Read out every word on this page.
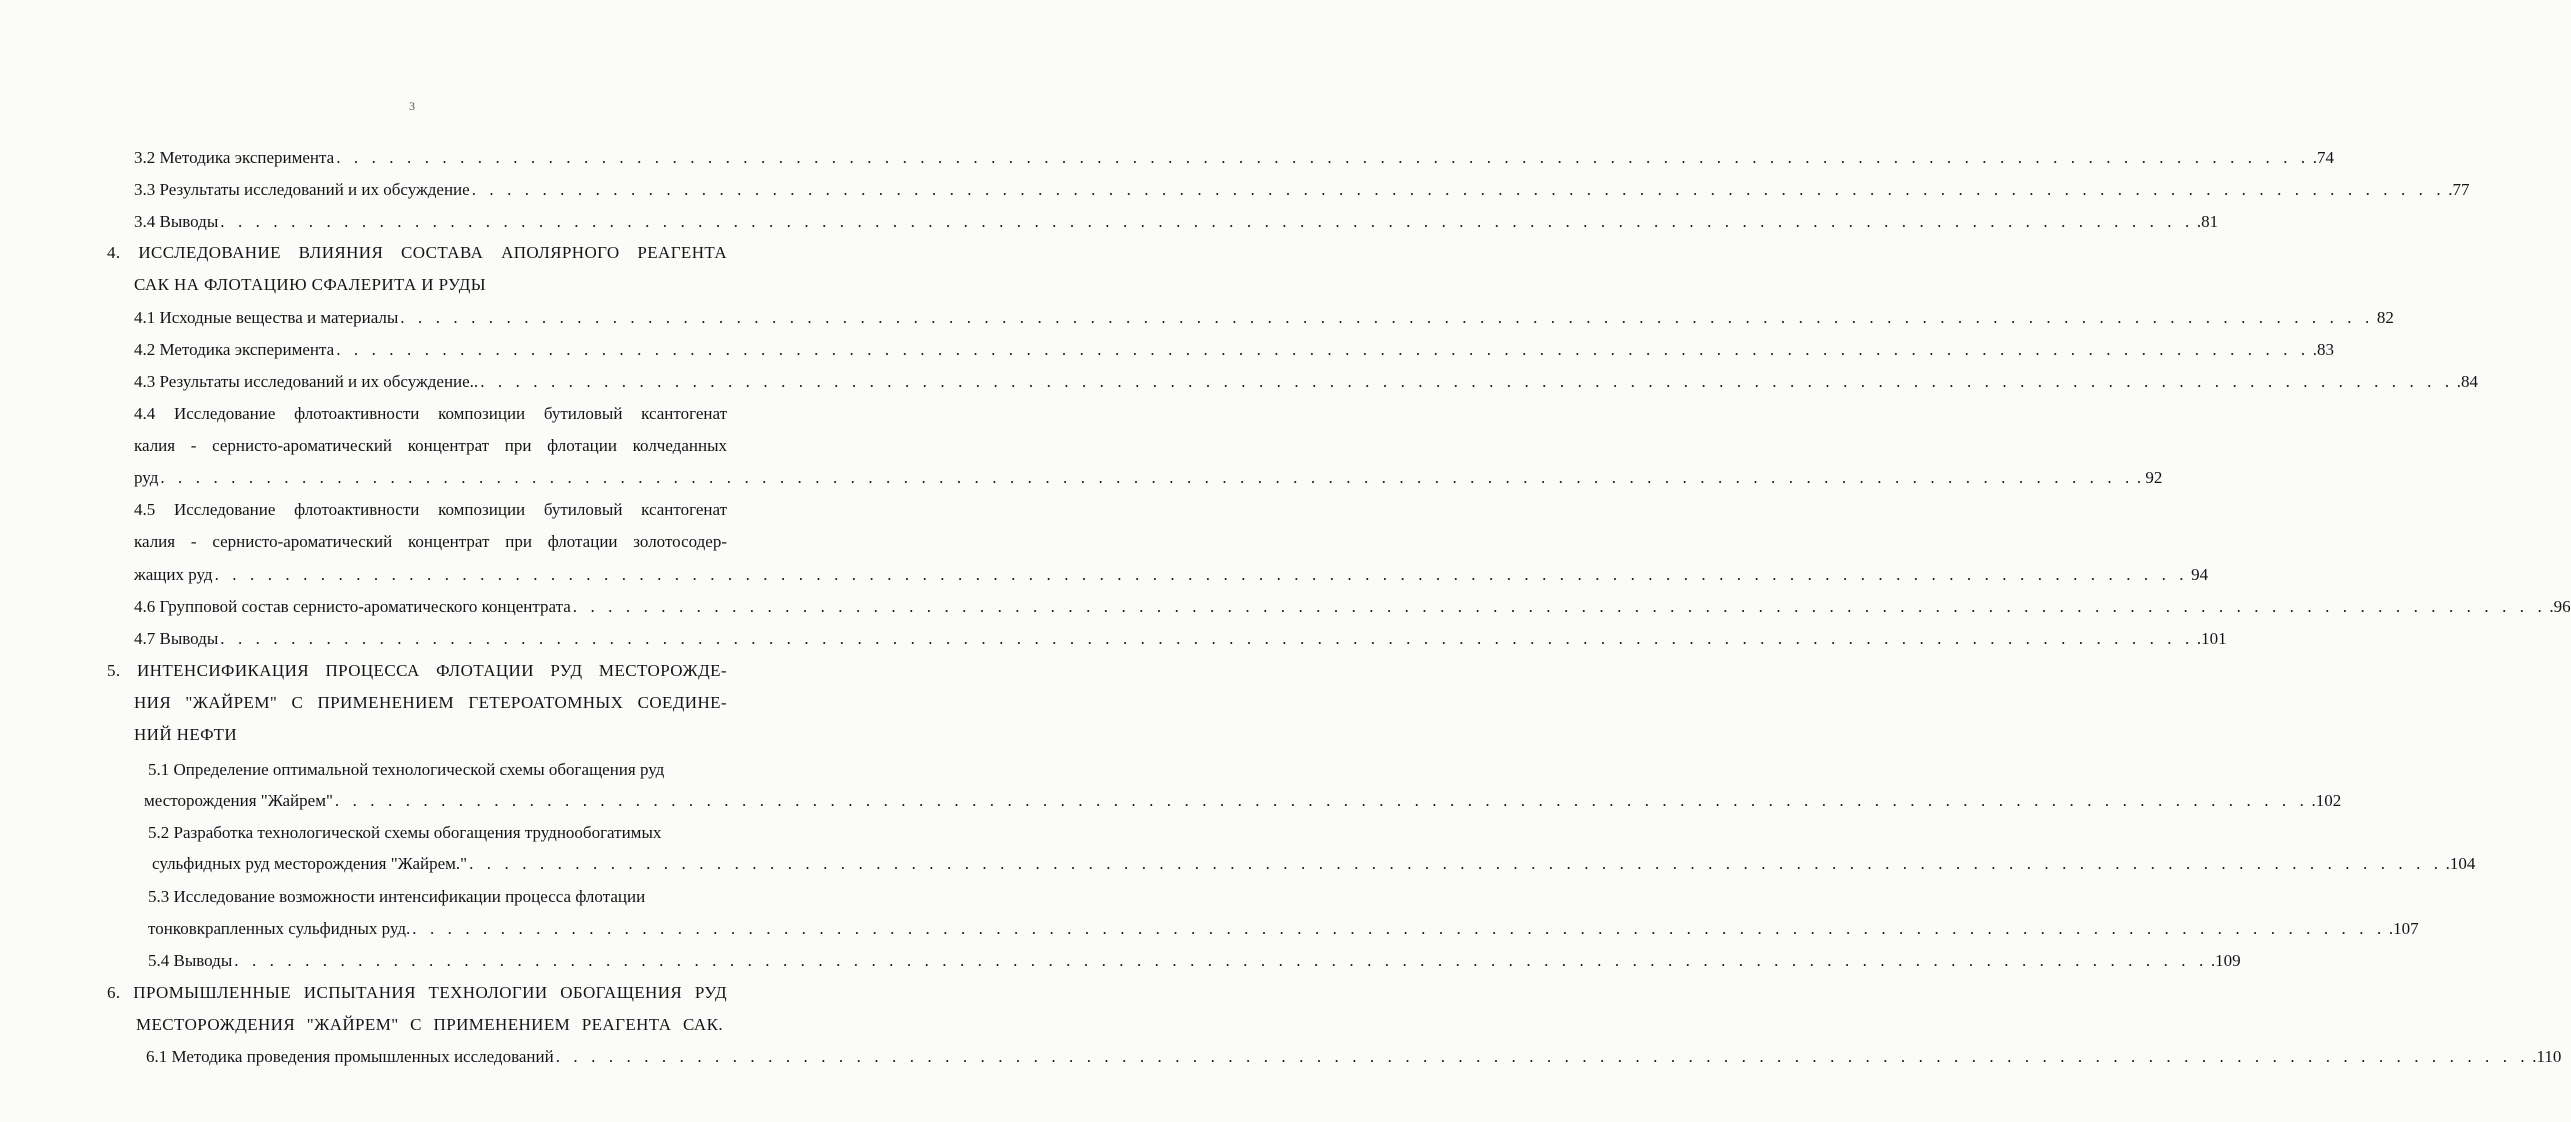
3
3.2 Методика эксперимента . . . . . . . . . . . . . . . . . . . . . . . . . . . . . . . . . . . . . . . . . . . . . . . . . . . . . . . . . . . . . . . . . . . . . . . . . . . . . . . . . . . . . . . . . . . . . . . . . . . . . . . . . . . . . . . . .74
3.3 Результаты исследований и их обсуждение . . . . . . . . . . . . . . . . . . . . . . . . . . . . . . . . . . . . . . . . . . . . . . . . . . . . . . . . . . . . . . . . . . . . . . . . . . . . . . . . . . . . . . . . . . . . . . . . . . . . . . . . . . . . . . . . .77
3.4 Выводы . . . . . . . . . . . . . . . . . . . . . . . . . . . . . . . . . . . . . . . . . . . . . . . . . . . . . . . . . . . . . . . . . . . . . . . . . . . . . . . . . . . . . . . . . . . . . . . . . . . . . . . . . . . . . . . . .81
4. ИССЛЕДОВАНИЕ ВЛИЯНИЯ СОСТАВА АПОЛЯРНОГО РЕАГЕНТА
САК НА ФЛОТАЦИЮ СФАЛЕРИТА И РУДЫ
4.1 Исходные вещества и материалы . . . . . . . . . . . . . . . . . . . . . . . . . . . . . . . . . . . . . . . . . . . . . . . . . . . . . . . . . . . . . . . . . . . . . . . . . . . . . . . . . . . . . . . . . . . . . . . . . . . . . . . . . . . . . . . . 82
4.2 Методика эксперимента . . . . . . . . . . . . . . . . . . . . . . . . . . . . . . . . . . . . . . . . . . . . . . . . . . . . . . . . . . . . . . . . . . . . . . . . . . . . . . . . . . . . . . . . . . . . . . . . . . . . . . . . . . . . . . . . .83
4.3 Результаты исследований и их обсуждение.. . . . . . . . . . . . . . . . . . . . . . . . . . . . . . . . . . . . . . . . . . . . . . . . . . . . . . . . . . . . . . . . . . . . . . . . . . . . . . . . . . . . . . . . . . . . . . . . . . . . . . . . . . . . . . . . . .84
4.4 Исследование флотоактивности композиции бутиловый ксантогенат
калия - сернисто-ароматический концентрат при флотации колчеданных
руд . . . . . . . . . . . . . . . . . . . . . . . . . . . . . . . . . . . . . . . . . . . . . . . . . . . . . . . . . . . . . . . . . . . . . . . . . . . . . . . . . . . . . . . . . . . . . . . . . . . . . . . . . . . . . . . . . 92
4.5 Исследование флотоактивности композиции бутиловый ксантогенат
калия - сернисто-ароматический концентрат при флотации золотосодер-
жащих руд . . . . . . . . . . . . . . . . . . . . . . . . . . . . . . . . . . . . . . . . . . . . . . . . . . . . . . . . . . . . . . . . . . . . . . . . . . . . . . . . . . . . . . . . . . . . . . . . . . . . . . . . . . . . . . . . 94
4.6 Групповой состав сернисто-ароматического концентрата . . . . . . . . . . . . . . . . . . . . . . . . . . . . . . . . . . . . . . . . . . . . . . . . . . . . . . . . . . . . . . . . . . . . . . . . . . . . . . . . . . . . . . . . . . . . . . . . . . . . . . . . . . . . . . . . .96
4.7 Выводы . . . . . . . . . . . . . . . . . . . . . . . . . . . . . . . . . . . . . . . . . . . . . . . . . . . . . . . . . . . . . . . . . . . . . . . . . . . . . . . . . . . . . . . . . . . . . . . . . . . . . . . . . . . . . . . . .101
5. ИНТЕНСИФИКАЦИЯ ПРОЦЕССА ФЛОТАЦИИ РУД МЕСТОРОЖДЕ-
НИЯ "ЖАЙРЕМ" С ПРИМЕНЕНИЕМ ГЕТЕРОАТОМНЫХ СОЕДИНЕ-
НИЙ НЕФТИ
5.1 Определение оптимальной технологической схемы обогащения руд
месторождения "Жайрем" . . . . . . . . . . . . . . . . . . . . . . . . . . . . . . . . . . . . . . . . . . . . . . . . . . . . . . . . . . . . . . . . . . . . . . . . . . . . . . . . . . . . . . . . . . . . . . . . . . . . . . . . . . . . . . . . .102
5.2 Разработка технологической схемы обогащения труднообогатимых
сульфидных руд месторождения "Жайрем." . . . . . . . . . . . . . . . . . . . . . . . . . . . . . . . . . . . . . . . . . . . . . . . . . . . . . . . . . . . . . . . . . . . . . . . . . . . . . . . . . . . . . . . . . . . . . . . . . . . . . . . . . . . . . . . . .104
5.3 Исследование возможности интенсификации процесса флотации
тонковкрапленных сульфидных руд. . . . . . . . . . . . . . . . . . . . . . . . . . . . . . . . . . . . . . . . . . . . . . . . . . . . . . . . . . . . . . . . . . . . . . . . . . . . . . . . . . . . . . . . . . . . . . . . . . . . . . . . . . . . . . . . . .107
5.4 Выводы . . . . . . . . . . . . . . . . . . . . . . . . . . . . . . . . . . . . . . . . . . . . . . . . . . . . . . . . . . . . . . . . . . . . . . . . . . . . . . . . . . . . . . . . . . . . . . . . . . . . . . . . . . . . . . . . .109
6. ПРОМЫШЛЕННЫЕ ИСПЫТАНИЯ ТЕХНОЛОГИИ ОБОГАЩЕНИЯ РУД
МЕСТОРОЖДЕНИЯ "ЖАЙРЕМ" С ПРИМЕНЕНИЕМ РЕАГЕНТА САК.
6.1 Методика проведения промышленных исследований . . . . . . . . . . . . . . . . . . . . . . . . . . . . . . . . . . . . . . . . . . . . . . . . . . . . . . . . . . . . . . . . . . . . . . . . . . . . . . . . . . . . . . . . . . . . . . . . . . . . . . . . . . . . . . . . .110
